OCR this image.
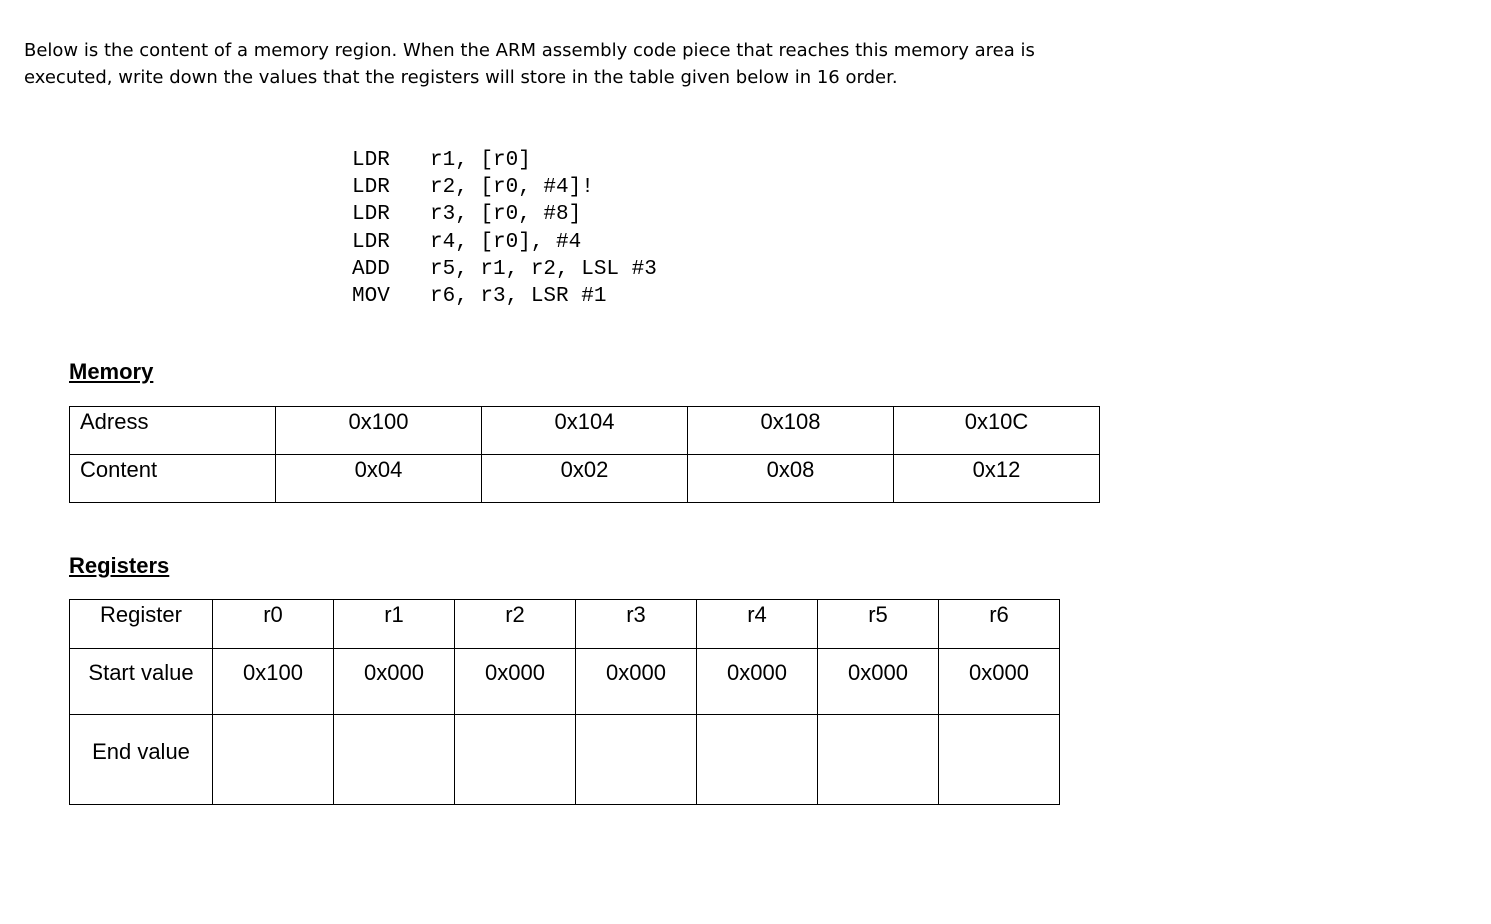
Below is the content of a memory region. When the ARM assembly code piece that reaches this memory area is

executed, write down the values that the registers will store in the table given below in 16 order.

LDR	r1, [r0]
LDR	r2, [r0, #4]!
LDR	r3, [r0, #8]
LDR	r4, [r0], #4
ADD	r5, r1, r2, LSL #3
MOV	r6, r3, LSR #1
Memory
Adress	0x100	0x104	0x108	0x10C
Content	0x04	0x02	0x08	0x12
Registers
Register	r0	r1	r2	r3	r4	r5	r6
Start value	0x100	0x000	0x000	0x000	0x000	0x000	0x000
End value							
